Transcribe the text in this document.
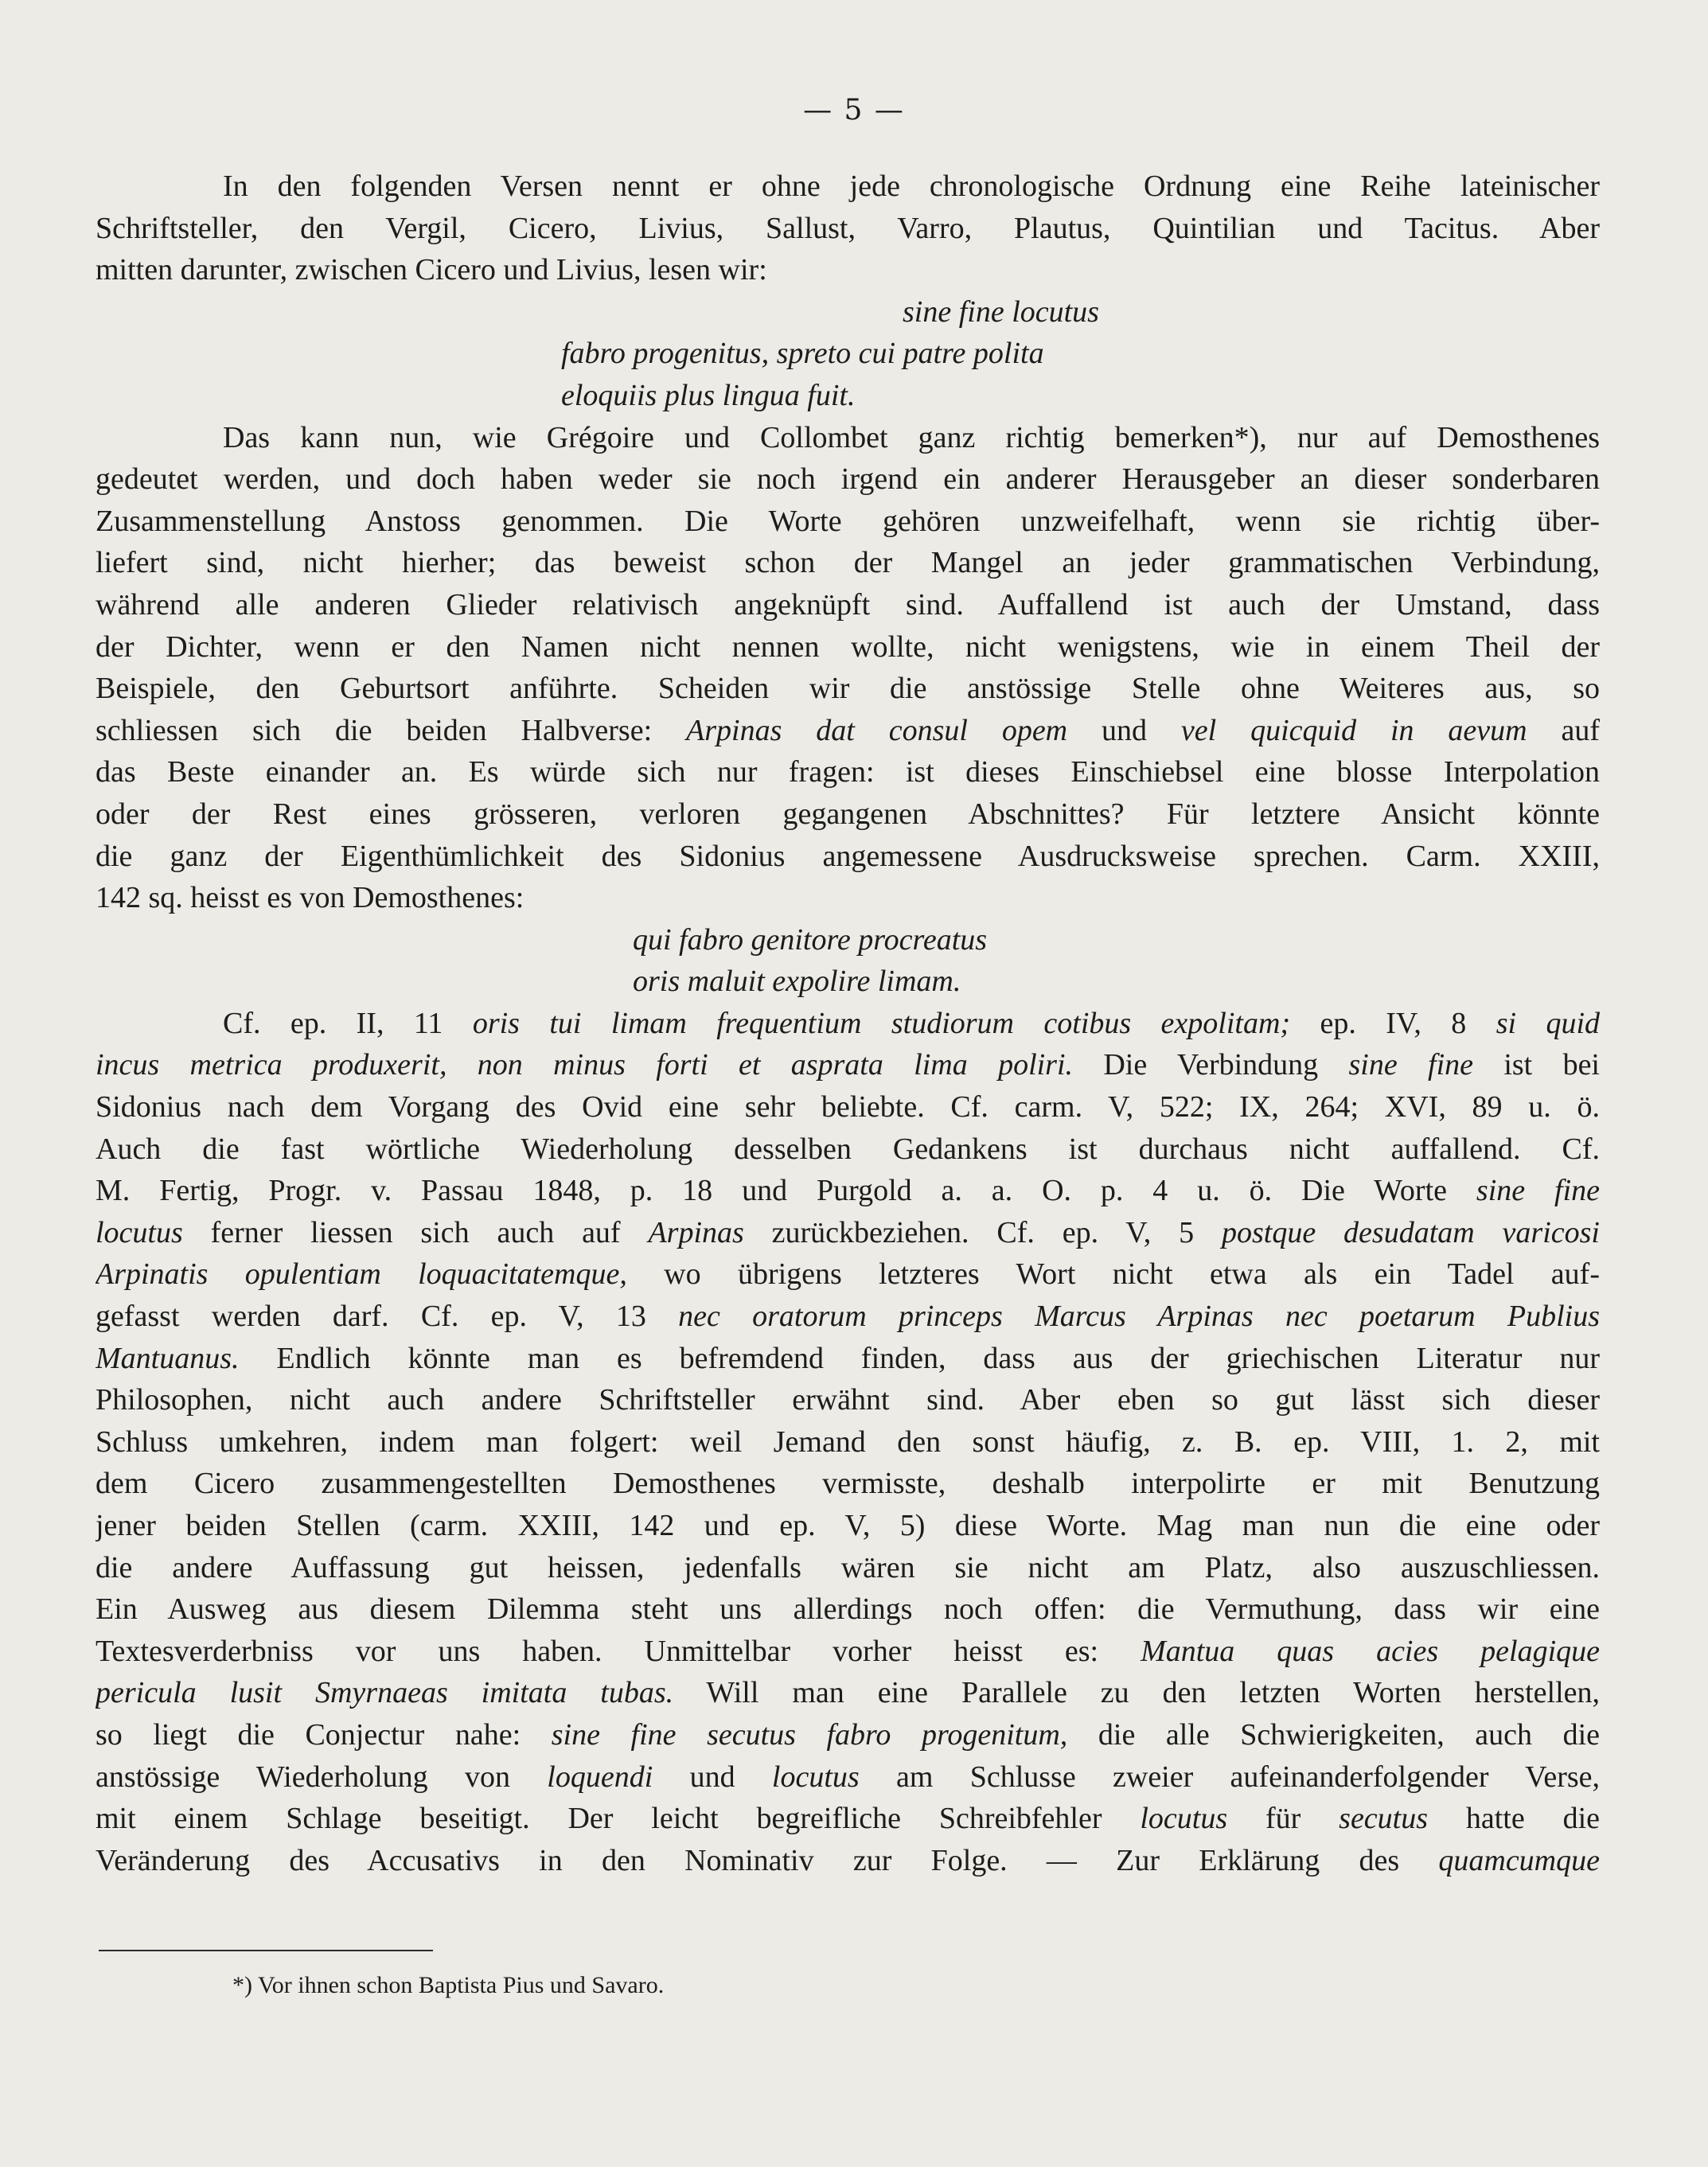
— 5 —
In den folgenden Versen nennt er ohne jede chronologische Ordnung eine Reihe lateinischer
Schriftsteller, den Vergil, Cicero, Livius, Sallust, Varro, Plautus, Quintilian und Tacitus. Aber
mitten darunter, zwischen Cicero und Livius, lesen wir:
sine fine locutus
fabro progenitus, spreto cui patre polita
eloquiis plus lingua fuit.
Das kann nun, wie Grégoire und Collombet ganz richtig bemerken*), nur auf Demosthenes
gedeutet werden, und doch haben weder sie noch irgend ein anderer Herausgeber an dieser sonderbaren
Zusammenstellung Anstoss genommen. Die Worte gehören unzweifelhaft, wenn sie richtig über-
liefert sind, nicht hierher; das beweist schon der Mangel an jeder grammatischen Verbindung,
während alle anderen Glieder relativisch angeknüpft sind. Auffallend ist auch der Umstand, dass
der Dichter, wenn er den Namen nicht nennen wollte, nicht wenigstens, wie in einem Theil der
Beispiele, den Geburtsort anführte. Scheiden wir die anstössige Stelle ohne Weiteres aus, so
schliessen sich die beiden Halbverse: Arpinas dat consul opem und vel quicquid in aevum auf
das Beste einander an. Es würde sich nur fragen: ist dieses Einschiebsel eine blosse Interpolation
oder der Rest eines grösseren, verloren gegangenen Abschnittes? Für letztere Ansicht könnte
die ganz der Eigenthümlichkeit des Sidonius angemessene Ausdrucksweise sprechen. Carm. XXIII,
142 sq. heisst es von Demosthenes:
qui fabro genitore procreatus
oris maluit expolire limam.
Cf. ep. II, 11 oris tui limam frequentium studiorum cotibus expolitam; ep. IV, 8 si quid
incus metrica produxerit, non minus forti et asprata lima poliri. Die Verbindung sine fine ist bei
Sidonius nach dem Vorgang des Ovid eine sehr beliebte. Cf. carm. V, 522; IX, 264; XVI, 89 u. ö.
Auch die fast wörtliche Wiederholung desselben Gedankens ist durchaus nicht auffallend. Cf.
M. Fertig, Progr. v. Passau 1848, p. 18 und Purgold a. a. O. p. 4 u. ö. Die Worte sine fine
locutus ferner liessen sich auch auf Arpinas zurückbeziehen. Cf. ep. V, 5 postque desudatam varicosi
Arpinatis opulentiam loquacitatemque, wo übrigens letzteres Wort nicht etwa als ein Tadel auf-
gefasst werden darf. Cf. ep. V, 13 nec oratorum princeps Marcus Arpinas nec poetarum Publius
Mantuanus. Endlich könnte man es befremdend finden, dass aus der griechischen Literatur nur
Philosophen, nicht auch andere Schriftsteller erwähnt sind. Aber eben so gut lässt sich dieser
Schluss umkehren, indem man folgert: weil Jemand den sonst häufig, z. B. ep. VIII, 1. 2, mit
dem Cicero zusammengestellten Demosthenes vermisste, deshalb interpolirte er mit Benutzung
jener beiden Stellen (carm. XXIII, 142 und ep. V, 5) diese Worte. Mag man nun die eine oder
die andere Auffassung gut heissen, jedenfalls wären sie nicht am Platz, also auszuschliessen.
Ein Ausweg aus diesem Dilemma steht uns allerdings noch offen: die Vermuthung, dass wir eine
Textesverderbniss vor uns haben. Unmittelbar vorher heisst es: Mantua quas acies pelagique
pericula lusit Smyrnaeas imitata tubas. Will man eine Parallele zu den letzten Worten herstellen,
so liegt die Conjectur nahe: sine fine secutus fabro progenitum, die alle Schwierigkeiten, auch die
anstössige Wiederholung von loquendi und locutus am Schlusse zweier aufeinanderfolgender Verse,
mit einem Schlage beseitigt. Der leicht begreifliche Schreibfehler locutus für secutus hatte die
Veränderung des Accusativs in den Nominativ zur Folge. — Zur Erklärung des quamcumque
*) Vor ihnen schon Baptista Pius und Savaro.
